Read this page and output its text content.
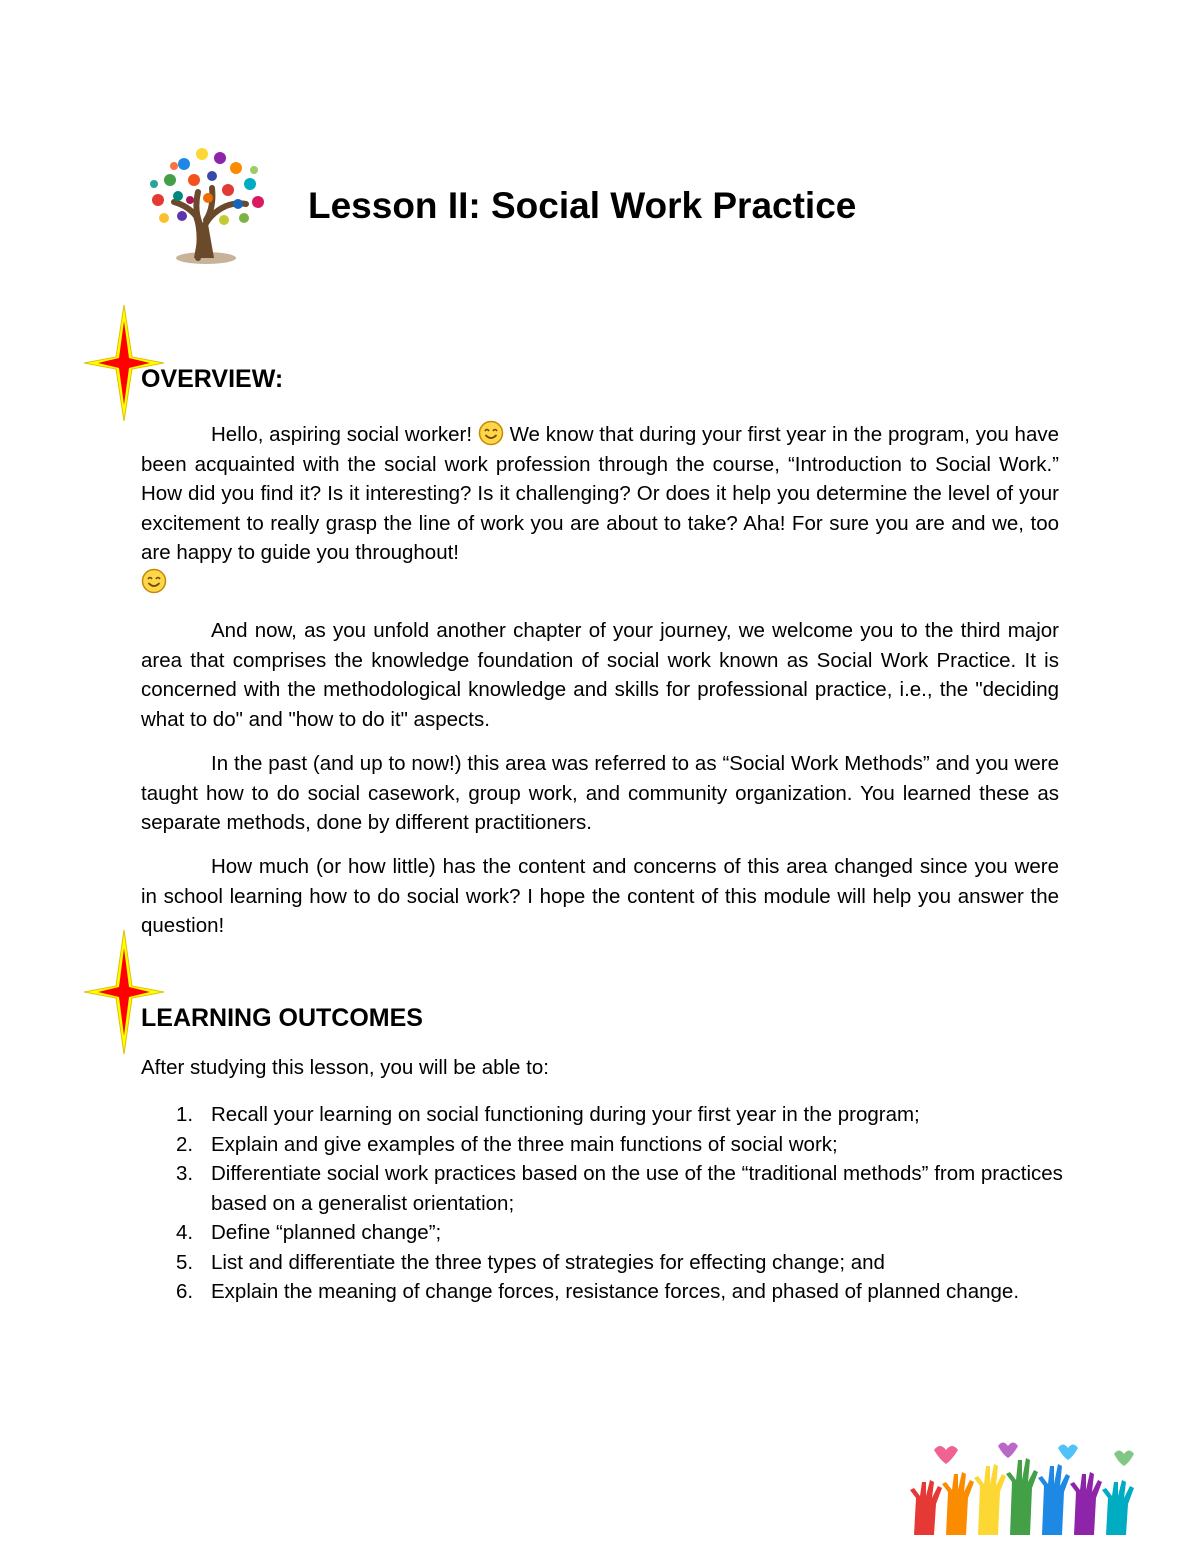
Lesson II: Social Work Practice
OVERVIEW:
Hello, aspiring social worker! We know that during your first year in the program, you have been acquainted with the social work profession through the course, “Introduction to Social Work.” How did you find it? Is it interesting? Is it challenging? Or does it help you determine the level of your excitement to really grasp the line of work you are about to take? Aha! For sure you are and we, too are happy to guide you throughout!

And now, as you unfold another chapter of your journey, we welcome you to the third major area that comprises the knowledge foundation of social work known as Social Work Practice. It is concerned with the methodological knowledge and skills for professional practice, i.e., the "deciding what to do" and "how to do it" aspects.
In the past (and up to now!) this area was referred to as “Social Work Methods” and you were taught how to do social casework, group work, and community organization. You learned these as separate methods, done by different practitioners.
How much (or how little) has the content and concerns of this area changed since you were in school learning how to do social work? I hope the content of this module will help you answer the question!
LEARNING OUTCOMES
After studying this lesson, you will be able to:
1. Recall your learning on social functioning during your first year in the program;
2. Explain and give examples of the three main functions of social work;
3. Differentiate social work practices based on the use of the “traditional methods” from practices based on a generalist orientation;
4. Define “planned change”;
5. List and differentiate the three types of strategies for effecting change; and
6. Explain the meaning of change forces, resistance forces, and phased of planned change.
